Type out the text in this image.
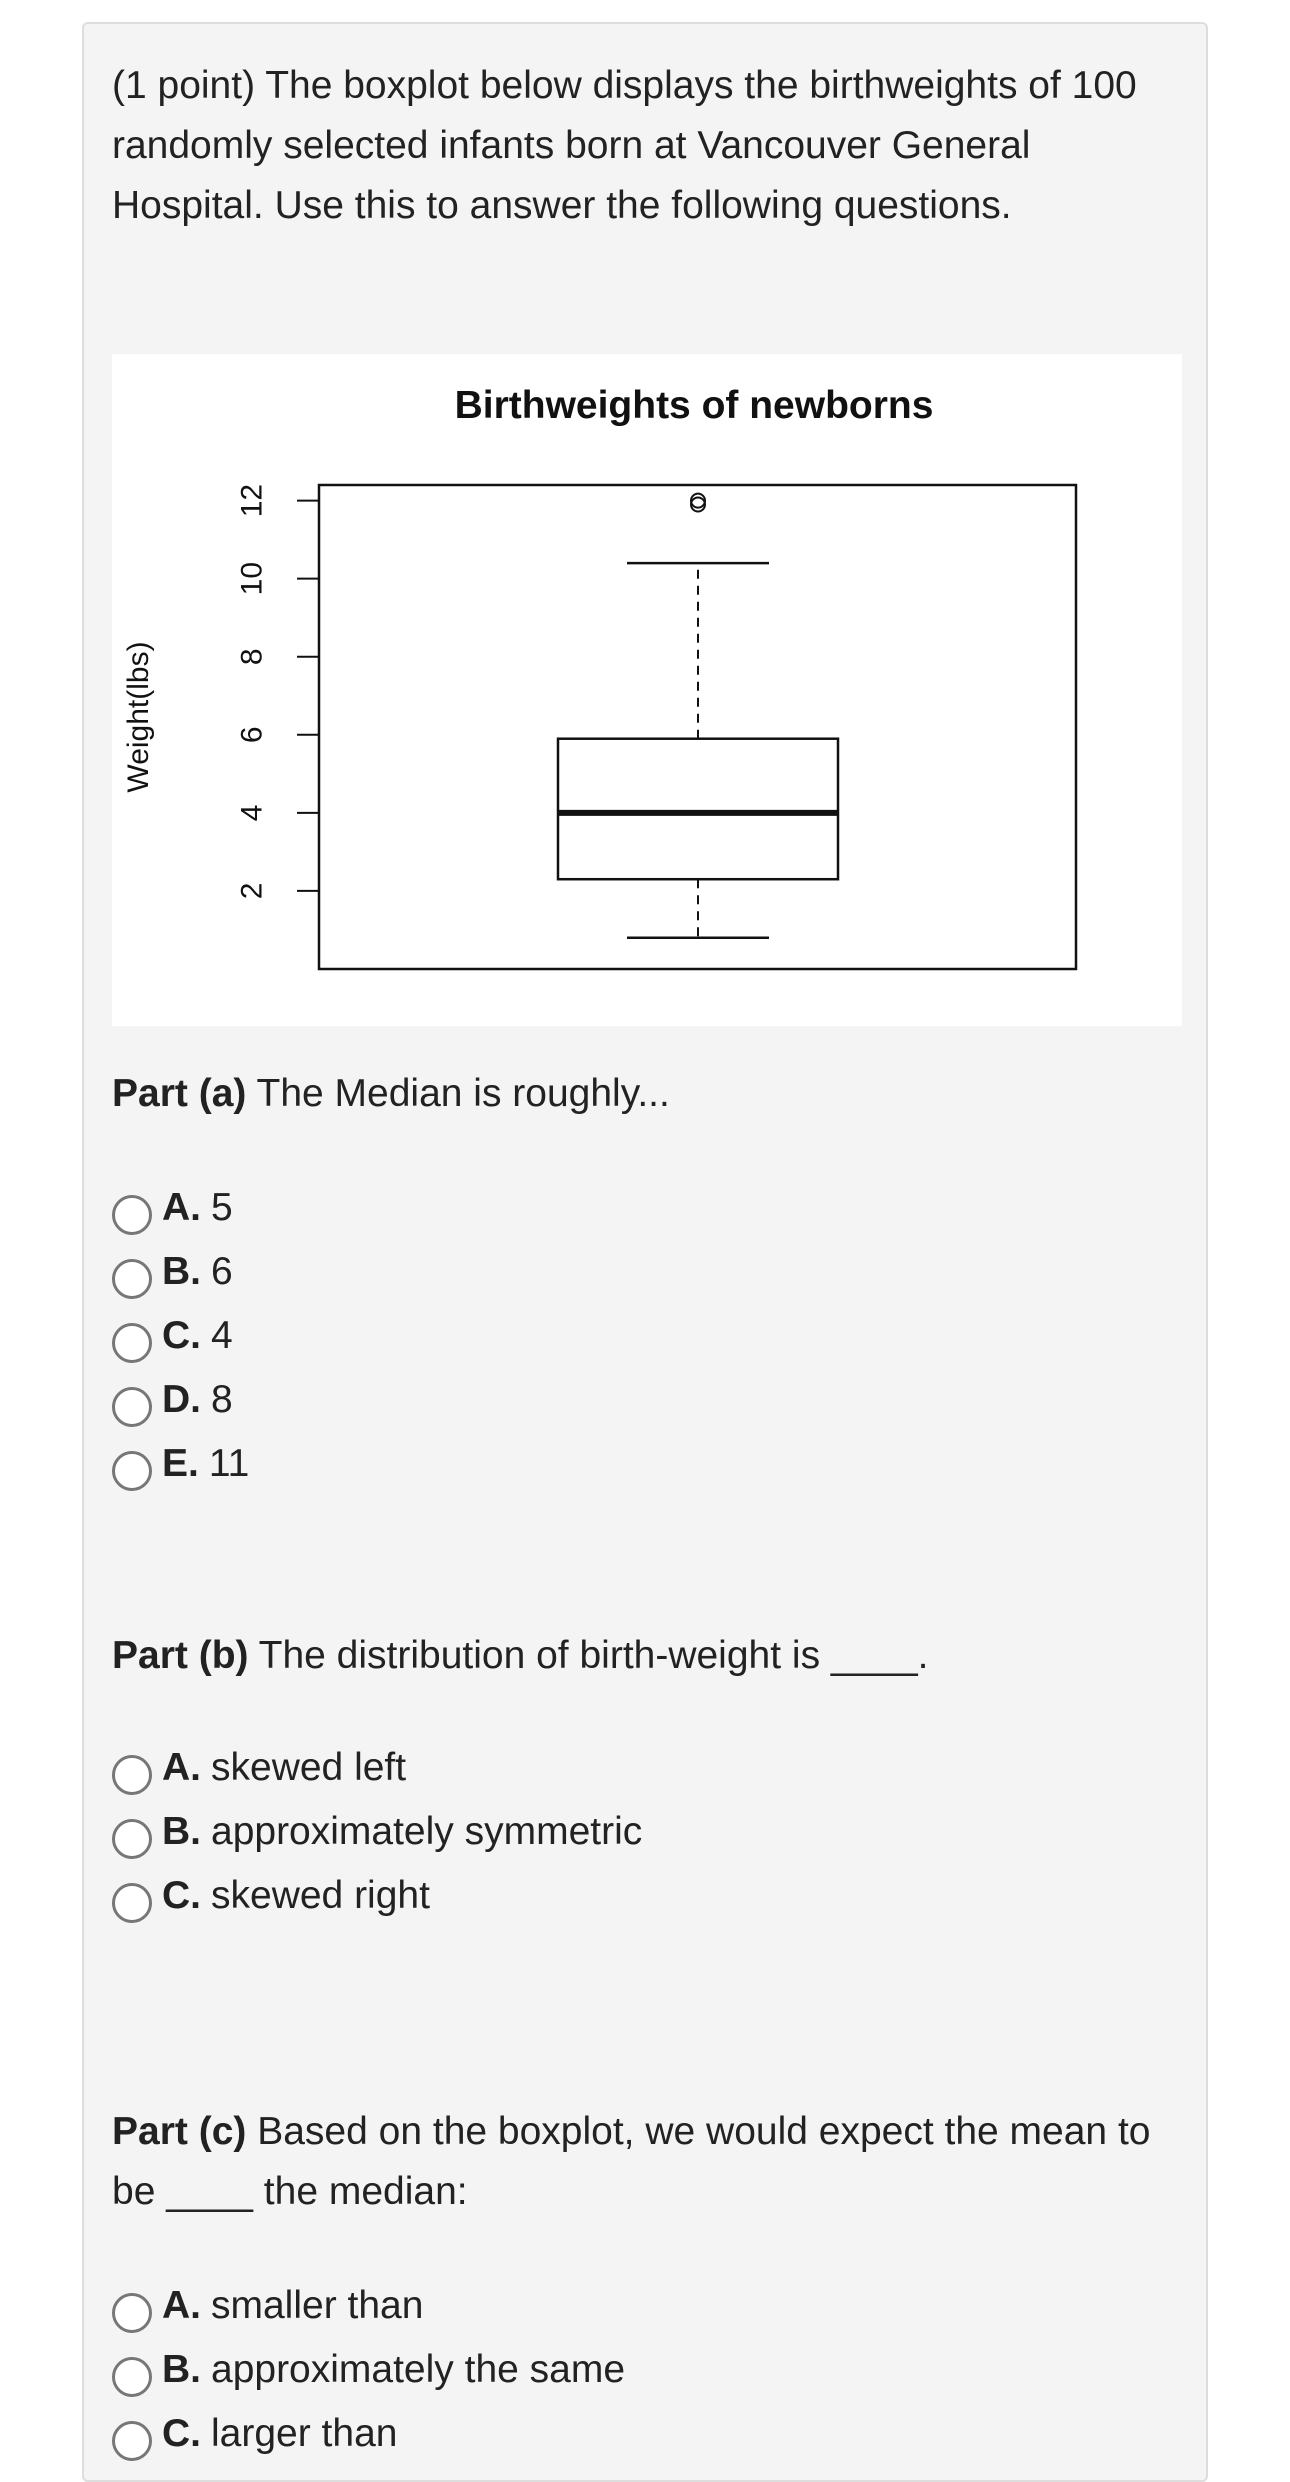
(1 point) The boxplot below displays the birthweights of 100 randomly selected infants born at Vancouver General Hospital. Use this to answer the following questions.

Birthweights of newborns
Weight(lbs)
2
4
6
8
10
12

Part (a) The Median is roughly...

A. 5
B. 6
C. 4
D. 8
E. 11

Part (b) The distribution of birth-weight is ____.

A. skewed left
B. approximately symmetric
C. skewed right

Part (c) Based on the boxplot, we would expect the mean to be ____ the median:

A. smaller than
B. approximately the same
C. larger than
